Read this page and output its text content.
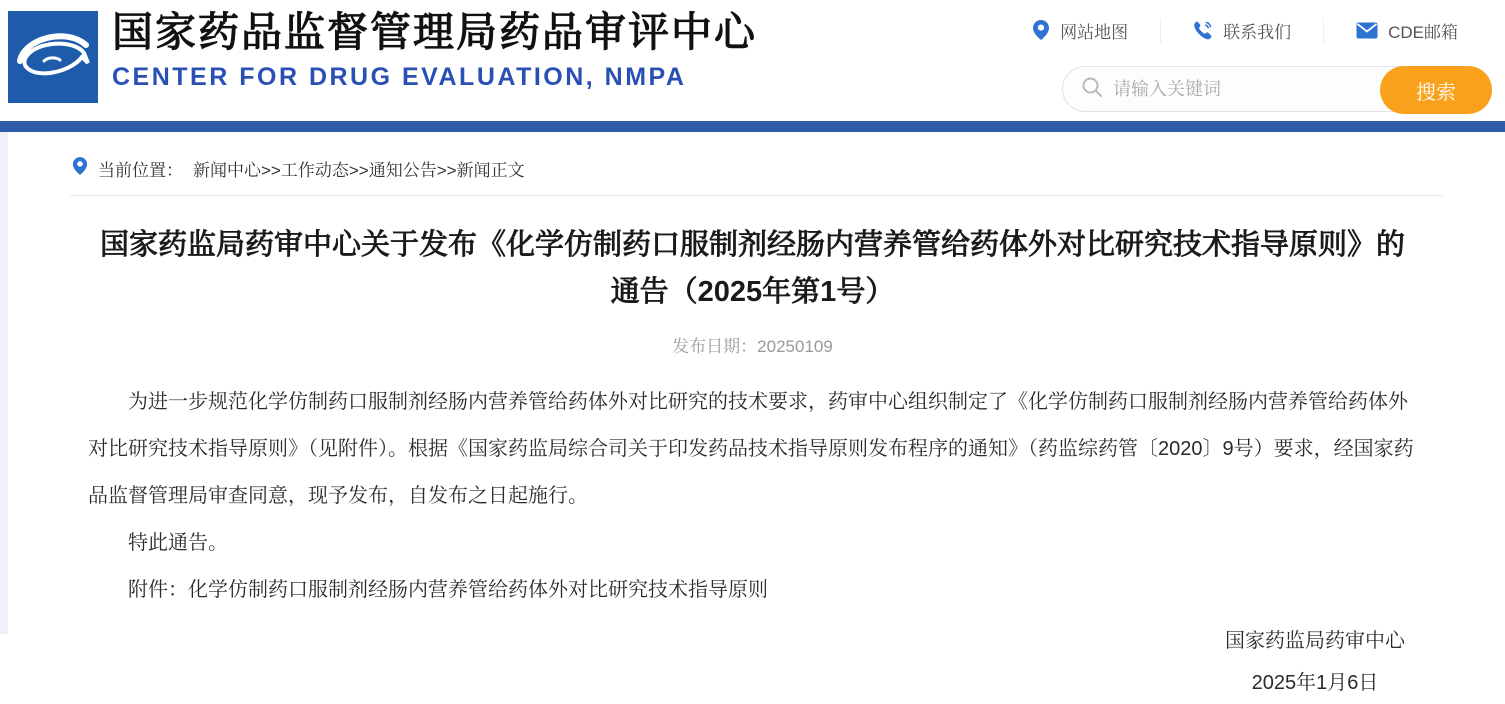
国家药品监督管理局药品审评中心
CENTER FOR DRUG EVALUATION, NMPA
网站地图	联系我们	CDE邮箱
请输入关键词
搜索
当前位置： 新闻中心>>工作动态>>通知公告>>新闻正文
国家药监局药审中心关于发布《化学仿制药口服制剂经肠内营养管给药体外对比研究技术指导原则》的通告（2025年第1号）
发布日期：20250109

为进一步规范化学仿制药口服制剂经肠内营养管给药体外对比研究的技术要求，药审中心组织制定了《化学仿制药口服制剂经肠内营养管给药体外对比研究技术指导原则》（见附件）。根据《国家药监局综合司关于印发药品技术指导原则发布程序的通知》（药监综药管〔2020〕9号）要求，经国家药品监督管理局审查同意，现予发布，自发布之日起施行。

特此通告。

附件：化学仿制药口服制剂经肠内营养管给药体外对比研究技术指导原则

国家药监局药审中心
2025年1月6日
